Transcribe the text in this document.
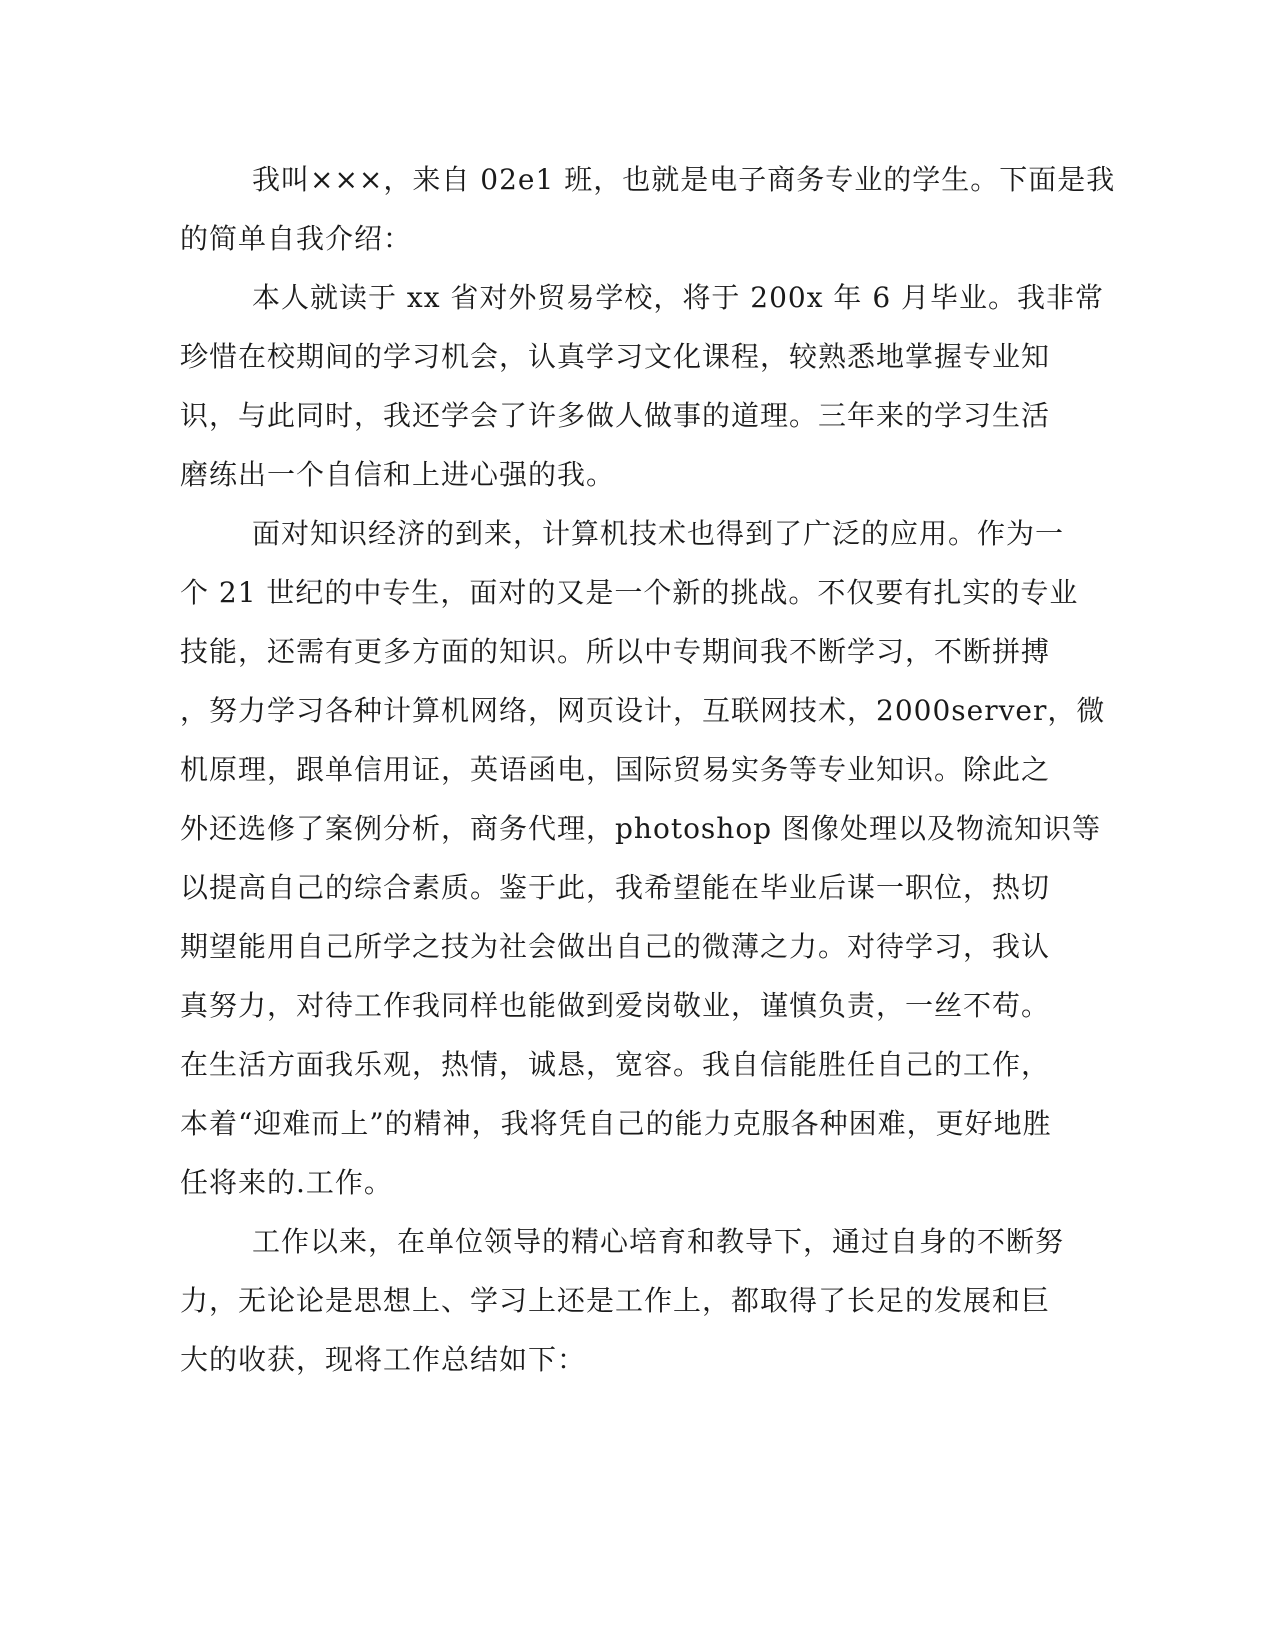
我叫×××，来自 02e1 班，也就是电子商务专业的学生。下面是我
的简单自我介绍：
本人就读于 xx 省对外贸易学校，将于 200x 年 6 月毕业。我非常
珍惜在校期间的学习机会，认真学习文化课程，较熟悉地掌握专业知
识，与此同时，我还学会了许多做人做事的道理。三年来的学习生活
磨练出一个自信和上进心强的我。
面对知识经济的到来，计算机技术也得到了广泛的应用。作为一
个 21 世纪的中专生，面对的又是一个新的挑战。不仅要有扎实的专业
技能，还需有更多方面的知识。所以中专期间我不断学习，不断拼搏
，努力学习各种计算机网络，网页设计，互联网技术，2000server，微
机原理，跟单信用证，英语函电，国际贸易实务等专业知识。除此之
外还选修了案例分析，商务代理，photoshop 图像处理以及物流知识等
以提高自己的综合素质。鉴于此，我希望能在毕业后谋一职位，热切
期望能用自己所学之技为社会做出自己的微薄之力。对待学习，我认
真努力，对待工作我同样也能做到爱岗敬业，谨慎负责，一丝不苟。
在生活方面我乐观，热情，诚恳，宽容。我自信能胜任自己的工作，
本着“迎难而上”的精神，我将凭自己的能力克服各种困难，更好地胜
任将来的.工作。
工作以来，在单位领导的精心培育和教导下，通过自身的不断努
力，无论论是思想上、学习上还是工作上，都取得了长足的发展和巨
大的收获，现将工作总结如下：
